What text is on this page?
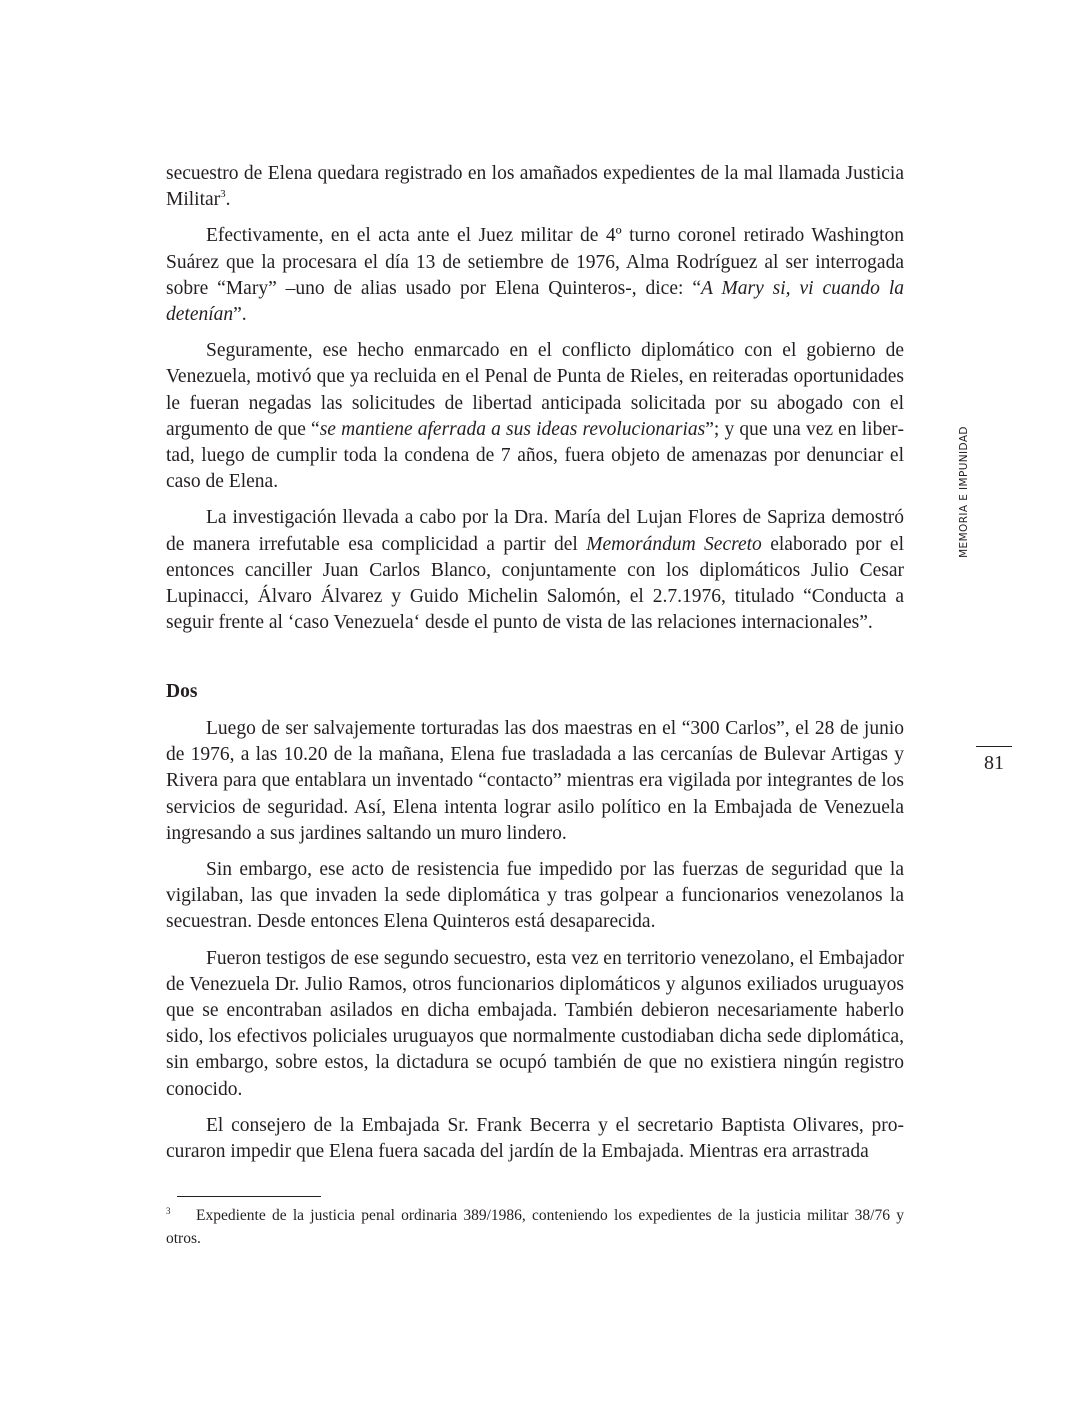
secuestro de Elena quedara registrado en los amañados expedientes de la mal llamada Justicia Militar$^3$.

Efectivamente, en el acta ante el Juez militar de 4º turno coronel retirado Washington Suárez que la procesara el día 13 de setiembre de 1976, Alma Rodríguez al ser interrogada sobre “Mary” –uno de alias usado por Elena Quinteros-, dice: “A Mary si, vi cuando la detenían”.

Seguramente, ese hecho enmarcado en el conflicto diplomático con el gobierno de Venezuela, motivó que ya recluida en el Penal de Punta de Rieles, en reiteradas oportunidades le fueran negadas las solicitudes de libertad anticipada solicitada por su abogado con el argumento de que “se mantiene aferrada a sus ideas revolucionarias”; y que una vez en libertad, luego de cumplir toda la condena de 7 años, fuera objeto de amenazas por denunciar el caso de Elena.

La investigación llevada a cabo por la Dra. María del Lujan Flores de Sapriza demostró de manera irrefutable esa complicidad a partir del Memorándum Secreto elaborado por el entonces canciller Juan Carlos Blanco, conjuntamente con los diplomáticos Julio Cesar Lupinacci, Álvaro Álvarez y Guido Michelin Salomón, el 2.7.1976, titulado “Conducta a seguir frente al ‘caso Venezuela‘ desde el punto de vista de las relaciones internacionales”.

Dos

Luego de ser salvajemente torturadas las dos maestras en el “300 Carlos”, el 28 de junio de 1976, a las 10.20 de la mañana, Elena fue trasladada a las cercanías de Bulevar Artigas y Rivera para que entablara un inventado “contacto” mientras era vigilada por integrantes de los servicios de seguridad. Así, Elena intenta lograr asilo político en la Embajada de Venezuela ingresando a sus jardines saltando un muro lindero.

Sin embargo, ese acto de resistencia fue impedido por las fuerzas de seguridad que la vigilaban, las que invaden la sede diplomática y tras golpear a funcionarios venezolanos la secuestran. Desde entonces Elena Quinteros está desaparecida.

Fueron testigos de ese segundo secuestro, esta vez en territorio venezolano, el Embajador de Venezuela Dr. Julio Ramos, otros funcionarios diplomáticos y algunos exiliados uruguayos que se encontraban asilados en dicha embajada. También debieron necesariamente haberlo sido, los efectivos policiales uruguayos que normalmente custodiaban dicha sede diplomática, sin embargo, sobre estos, la dictadura se ocupó también de que no existiera ningún registro conocido.

El consejero de la Embajada Sr. Frank Becerra y el secretario Baptista Olivares, procuraron impedir que Elena fuera sacada del jardín de la Embajada. Mientras era arrastrada

MEMORIA E IMPUNIDAD
81
3 Expediente de la justicia penal ordinaria 389/1986, conteniendo los expedientes de la justicia militar 38/76 y otros.
